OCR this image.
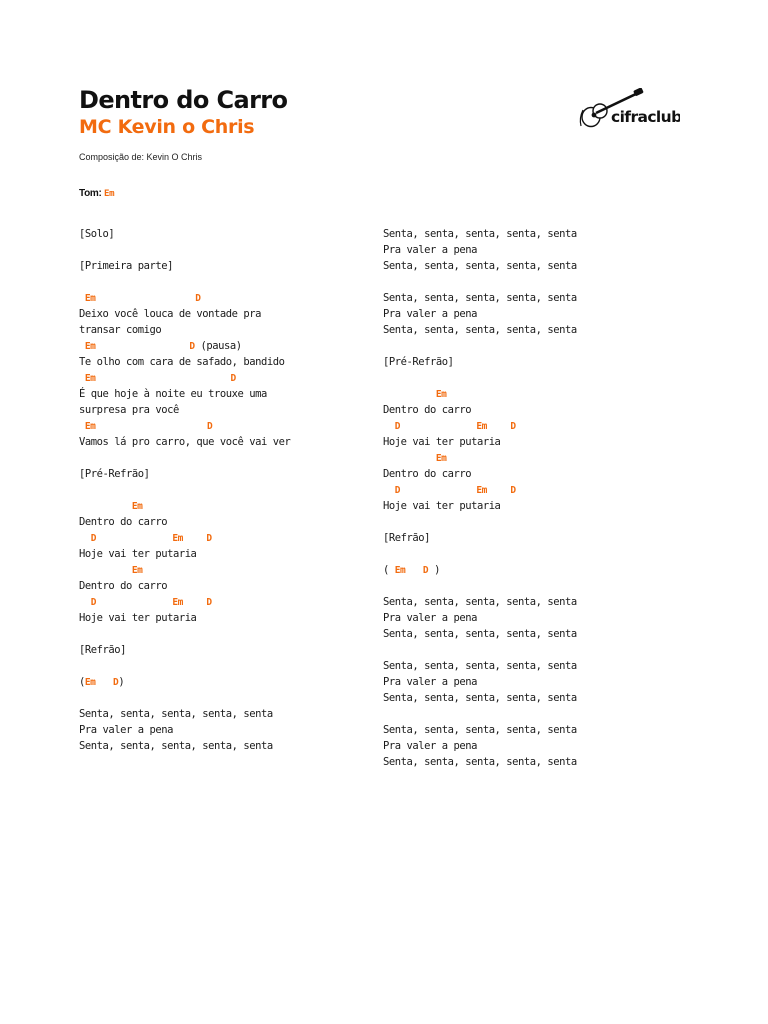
Dentro do Carro
MC Kevin o Chris
Composição de: Kevin O Chris
Tom: Em
cifraclub
[Solo]
[Primeira parte]
Em	D
Deixo você louca de vontade pra
transar comigo
Em	D (pausa)
Te olho com cara de safado, bandido
Em	D
É que hoje à noite eu trouxe uma
surpresa pra você
Em	D
Vamos lá pro carro, que você vai ver
[Pré-Refrão]
Em
Dentro do carro
D	Em D
Hoje vai ter putaria
Em
Dentro do carro
D	Em D
Hoje vai ter putaria
[Refrão]
(Em D)
Senta, senta, senta, senta, senta
Pra valer a pena
Senta, senta, senta, senta, senta
Senta, senta, senta, senta, senta
Pra valer a pena
Senta, senta, senta, senta, senta
Senta, senta, senta, senta, senta
Pra valer a pena
Senta, senta, senta, senta, senta
[Pré-Refrão]
Em
Dentro do carro
D	Em D
Hoje vai ter putaria
Em
Dentro do carro
D	Em D
Hoje vai ter putaria
[Refrão]
( Em D )
Senta, senta, senta, senta, senta
Pra valer a pena
Senta, senta, senta, senta, senta
Senta, senta, senta, senta, senta
Pra valer a pena
Senta, senta, senta, senta, senta
Senta, senta, senta, senta, senta
Pra valer a pena
Senta, senta, senta, senta, senta
